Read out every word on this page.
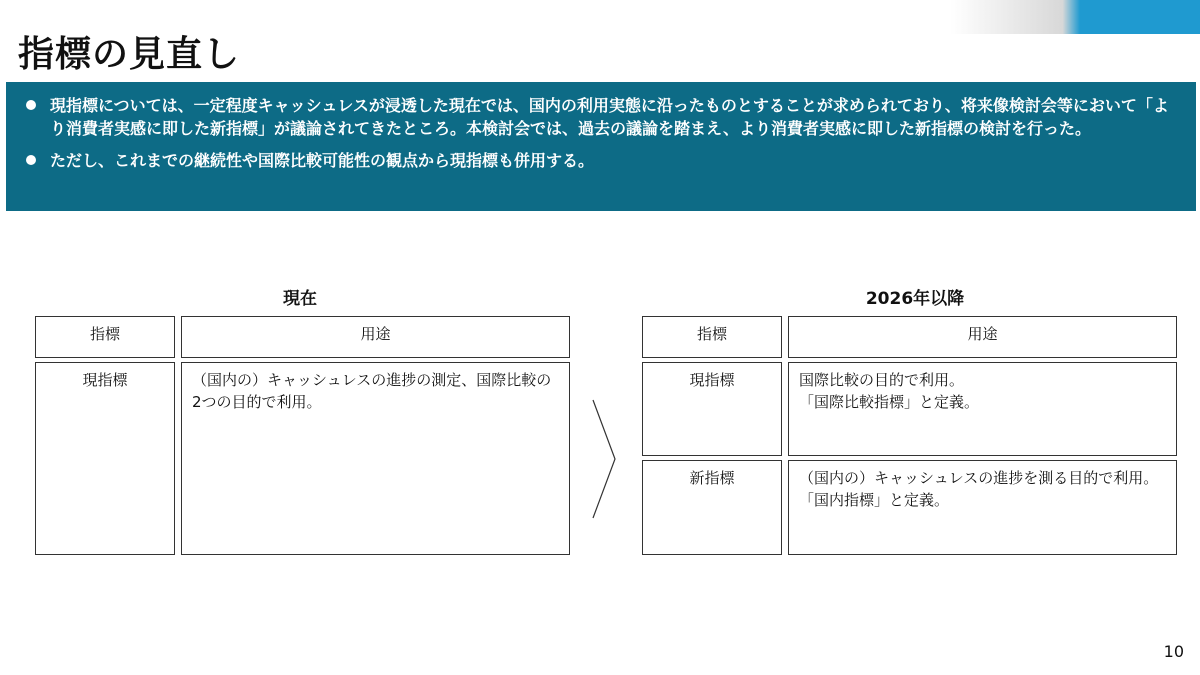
指標の見直し
現指標については、一定程度キャッシュレスが浸透した現在では、国内の利用実態に沿ったものとすることが求められており、将来像検討会等において「より消費者実感に即した新指標」が議論されてきたところ。本検討会では、過去の議論を踏まえ、より消費者実感に即した新指標の検討を行った。
ただし、これまでの継続性や国際比較可能性の観点から現指標も併用する。
現在
指標	用途
現指標	（国内の）キャッシュレスの進捗の測定、国際比較の2つの目的で利用。
2026年以降
指標	用途
現指標	国際比較の目的で利用。
「国際比較指標」と定義。
新指標	（国内の）キャッシュレスの進捗を測る目的で利用。
「国内指標」と定義。
10
